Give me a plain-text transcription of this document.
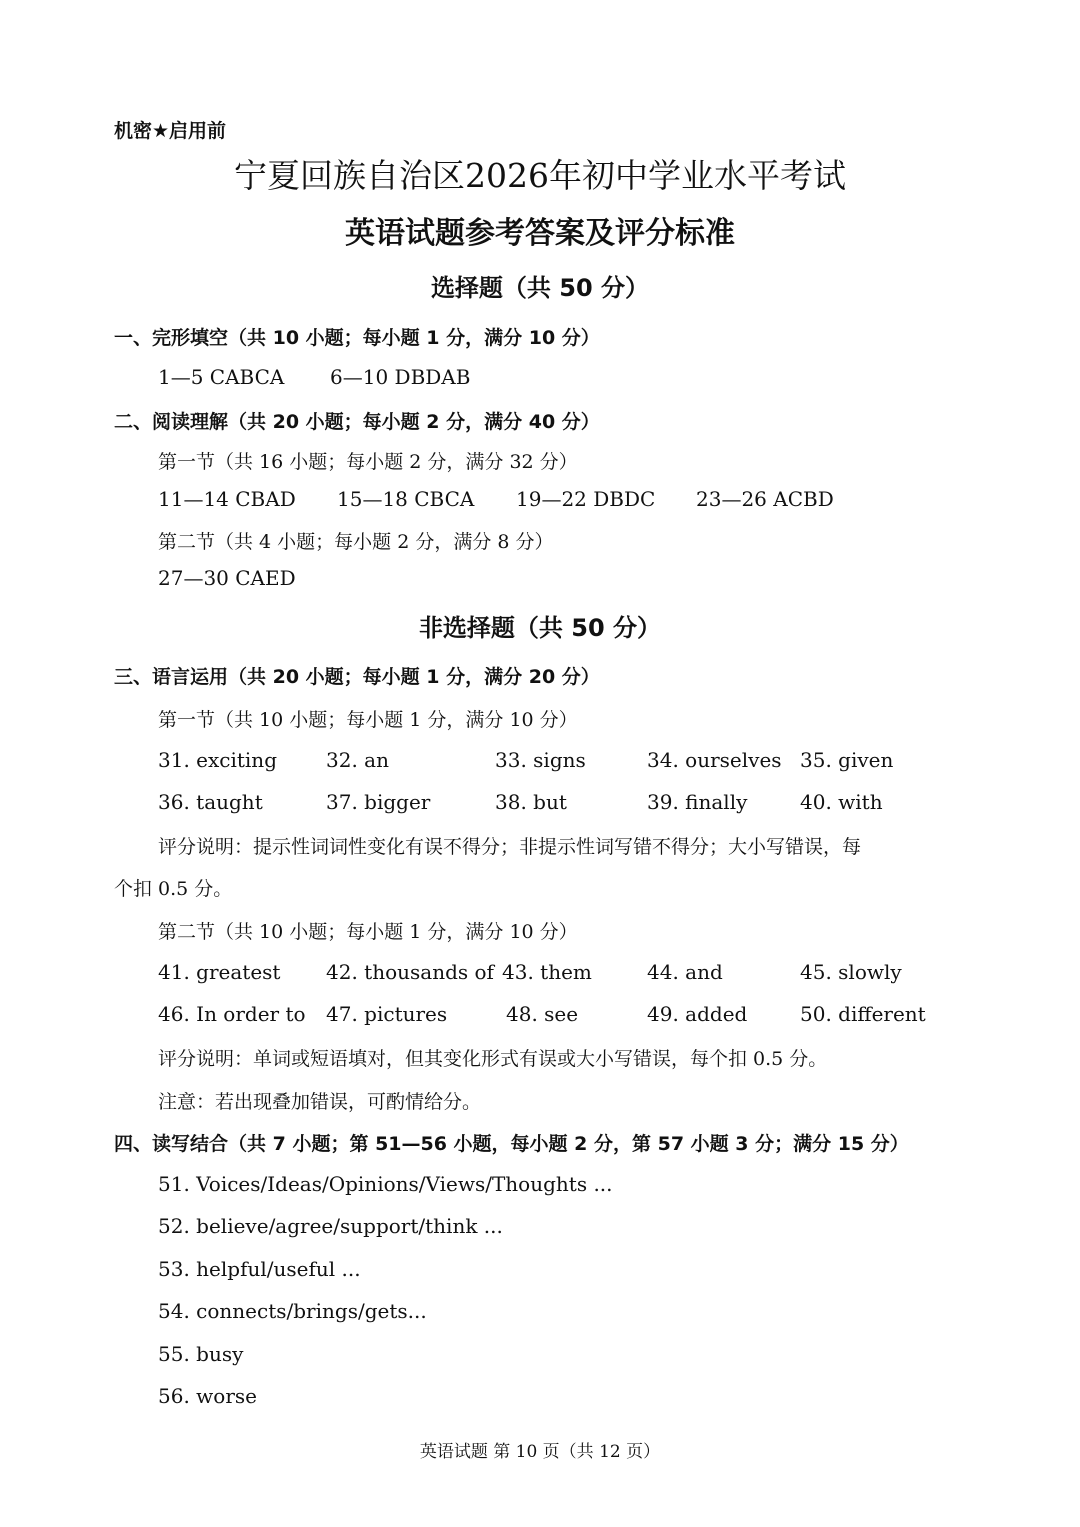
机密★启用前
宁夏回族自治区2026年初中学业水平考试
英语试题参考答案及评分标准
选择题（共 50 分）
一、完形填空（共 10 小题；每小题 1 分，满分 10 分）
1—5 CABCA 6—10 DBDAB
二、阅读理解（共 20 小题；每小题 2 分，满分 40 分）
第一节（共 16 小题；每小题 2 分，满分 32 分）
11—14 CBAD 15—18 CBCA 19—22 DBDC 23—26 ACBD
第二节（共 4 小题；每小题 2 分，满分 8 分）
27—30 CAED
非选择题（共 50 分）
三、语言运用（共 20 小题；每小题 1 分，满分 20 分）
第一节（共 10 小题；每小题 1 分，满分 10 分）
31. exciting 32. an	33. signs	34. ourselves 35. given
36. taught	37. bigger	38. but	39. finally	40. with
评分说明：提示性词词性变化有误不得分；非提示性词写错不得分；大小写错误，每
个扣 0.5 分。
第二节（共 10 小题；每小题 1 分，满分 10 分）
41. greatest 42. thousands of 43. them	44. and	45. slowly
46. In order to 47. pictures	48. see	49. added	50. different
评分说明：单词或短语填对，但其变化形式有误或大小写错误，每个扣 0.5 分。
注意：若出现叠加错误，可酌情给分。
四、读写结合（共 7 小题；第 51—56 小题，每小题 2 分，第 57 小题 3 分；满分 15 分）
51. Voices/Ideas/Opinions/Views/Thoughts ...
52. believe/agree/support/think ...
53. helpful/useful ...
54. connects/brings/gets...
55. busy
56. worse
英语试题 第 10 页（共 12 页）
